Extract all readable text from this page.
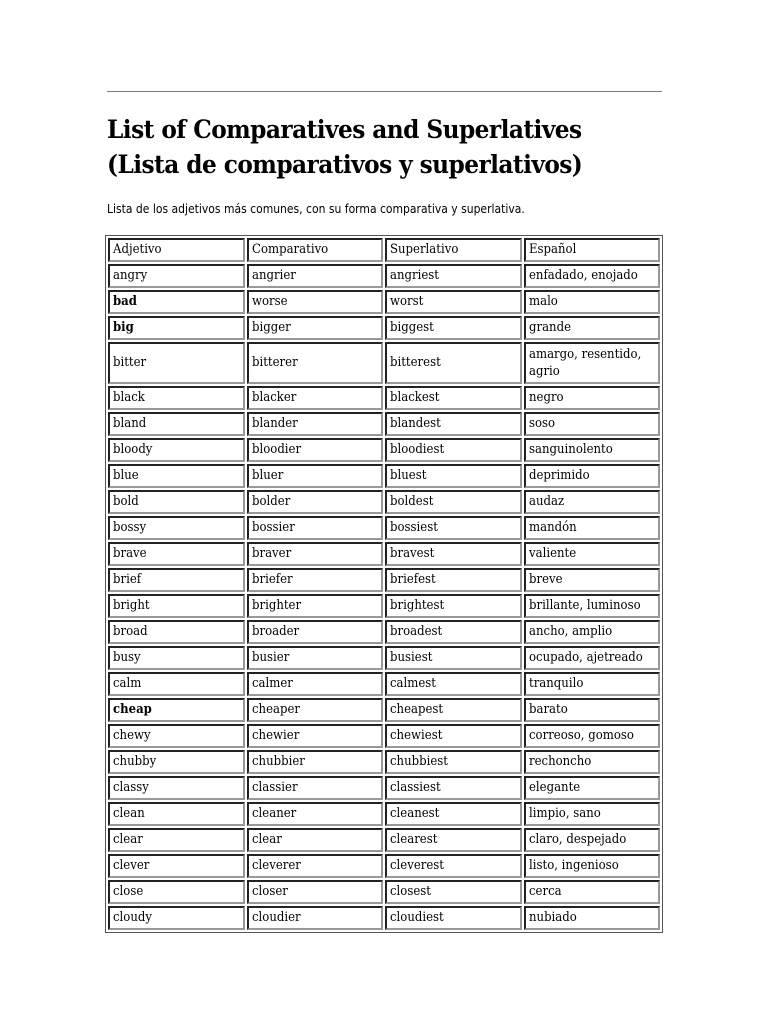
List of Comparatives and Superlatives
(Lista de comparativos y superlativos)

Lista de los adjetivos más comunes, con su forma comparativa y superlativa.

Adjetivo	Comparativo	Superlativo	Español
angry	angrier	angriest	enfadado, enojado
bad	worse	worst	malo
big	bigger	biggest	grande
bitter	bitterer	bitterest	amargo, resentido, agrio

black	blacker	blackest	negro
bland	blander	blandest	soso
bloody	bloodier	bloodiest	sanguinolento
blue	bluer	bluest	deprimido
bold	bolder	boldest	audaz
bossy	bossier	bossiest	mandón
brave	braver	bravest	valiente
brief	briefer	briefest	breve
bright	brighter	brightest	brillante, luminoso
broad	broader	broadest	ancho, amplio
busy	busier	busiest	ocupado, ajetreado
calm	calmer	calmest	tranquilo
cheap	cheaper	cheapest	barato
chewy	chewier	chewiest	correoso, gomoso
chubby	chubbier	chubbiest	rechoncho
classy	classier	classiest	elegante
clean	cleaner	cleanest	limpio, sano
clear	clear	clearest	claro, despejado
clever	cleverer	cleverest	listo, ingenioso
close	closer	closest	cerca
cloudy	cloudier	cloudiest	nubiado
